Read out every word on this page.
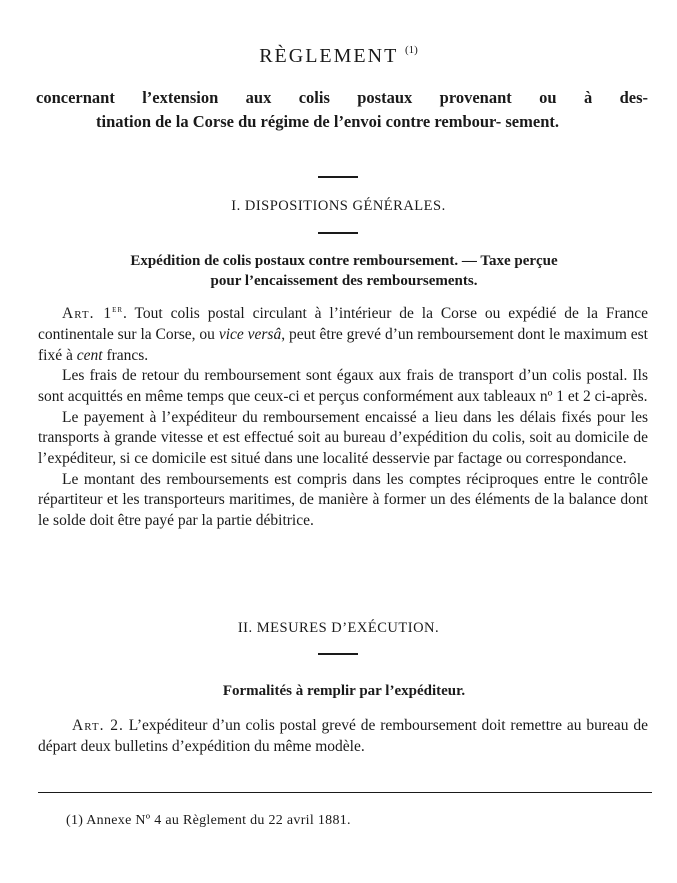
RÈGLEMENT $^{(1)}$
concernant l’extension aux colis postaux provenant ou à des-
tination de la Corse du régime de l’envoi contre rembour- sement.
I. DISPOSITIONS GÉNÉRALES.
Expédition de colis postaux contre remboursement. — Taxe perçue
pour l’encaissement des remboursements.

Art. 1er. Tout colis postal circulant à l’intérieur de la Corse ou expédié de la France continentale sur la Corse, ou vice versâ, peut être grevé d’un remboursement dont le maximum est fixé à cent francs.

Les frais de retour du remboursement sont égaux aux frais de transport d’un colis postal. Ils sont acquittés en même temps que ceux-ci et perçus conformément aux tableaux nº 1 et 2 ci-après.

Le payement à l’expéditeur du remboursement encaissé a lieu dans les délais fixés pour les transports à grande vitesse et est effectué soit au bureau d’expédition du colis, soit au domicile de l’expéditeur, si ce domicile est situé dans une localité desservie par factage ou correspondance.

Le montant des remboursements est compris dans les comptes réciproques entre le contrôle répartiteur et les transporteurs maritimes, de manière à former un des éléments de la balance dont le solde doit être payé par la partie débitrice.

II. MESURES D’EXÉCUTION.
Formalités à remplir par l’expéditeur.

Art. 2. L’expéditeur d’un colis postal grevé de remboursement doit remettre au bureau de départ deux bulletins d’expédition du même modèle.

(1) Annexe Nº 4 au Règlement du 22 avril 1881.
